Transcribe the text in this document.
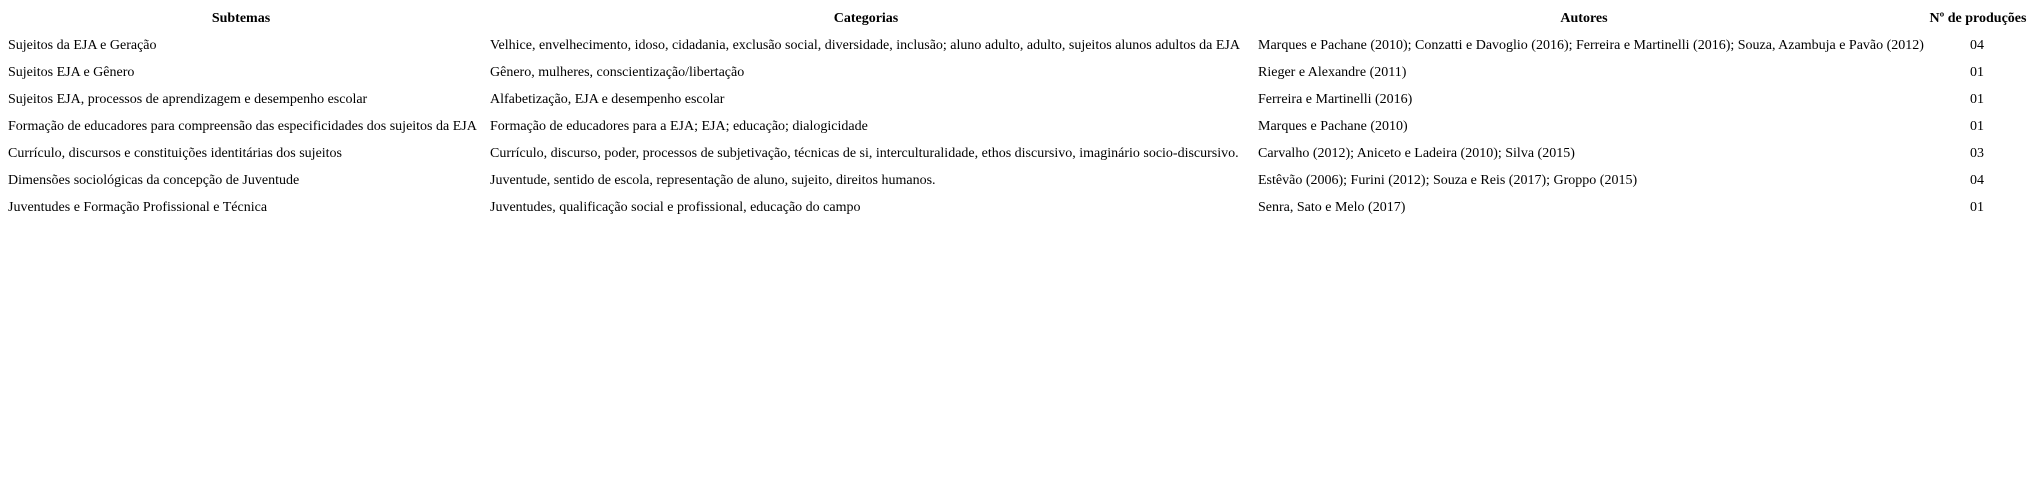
Subtemas	Categorias	Autores	Nº de produções
Sujeitos da EJA e Geração	Velhice, envelhecimento, idoso, cidadania, exclusão social, diversidade, inclusão; aluno adulto, adulto, sujeitos alunos adultos da EJA	Marques e Pachane (2010); Conzatti e Davoglio (2016); Ferreira e Martinelli (2016); Souza, Azambuja e Pavão (2012)	04
Sujeitos EJA e Gênero	Gênero, mulheres, conscientização/libertação	Rieger e Alexandre (2011)	01
Sujeitos EJA, processos de aprendizagem e desempenho escolar	Alfabetização, EJA e desempenho escolar	Ferreira e Martinelli (2016)	01
Formação de educadores para compreensão das especificidades dos sujeitos da EJA	Formação de educadores para a EJA; EJA; educação; dialogicidade	Marques e Pachane (2010)	01
Currículo, discursos e constituições identitárias dos sujeitos	Currículo, discurso, poder, processos de subjetivação, técnicas de si, interculturalidade, ethos discursivo, imaginário socio-discursivo.	Carvalho (2012); Aniceto e Ladeira (2010); Silva (2015)	03
Dimensões sociológicas da concepção de Juventude	Juventude, sentido de escola, representação de aluno, sujeito, direitos humanos.	Estêvão (2006); Furini (2012); Souza e Reis (2017); Groppo (2015)	04
Juventudes e Formação Profissional e Técnica	Juventudes, qualificação social e profissional, educação do campo	Senra, Sato e Melo (2017)	01
